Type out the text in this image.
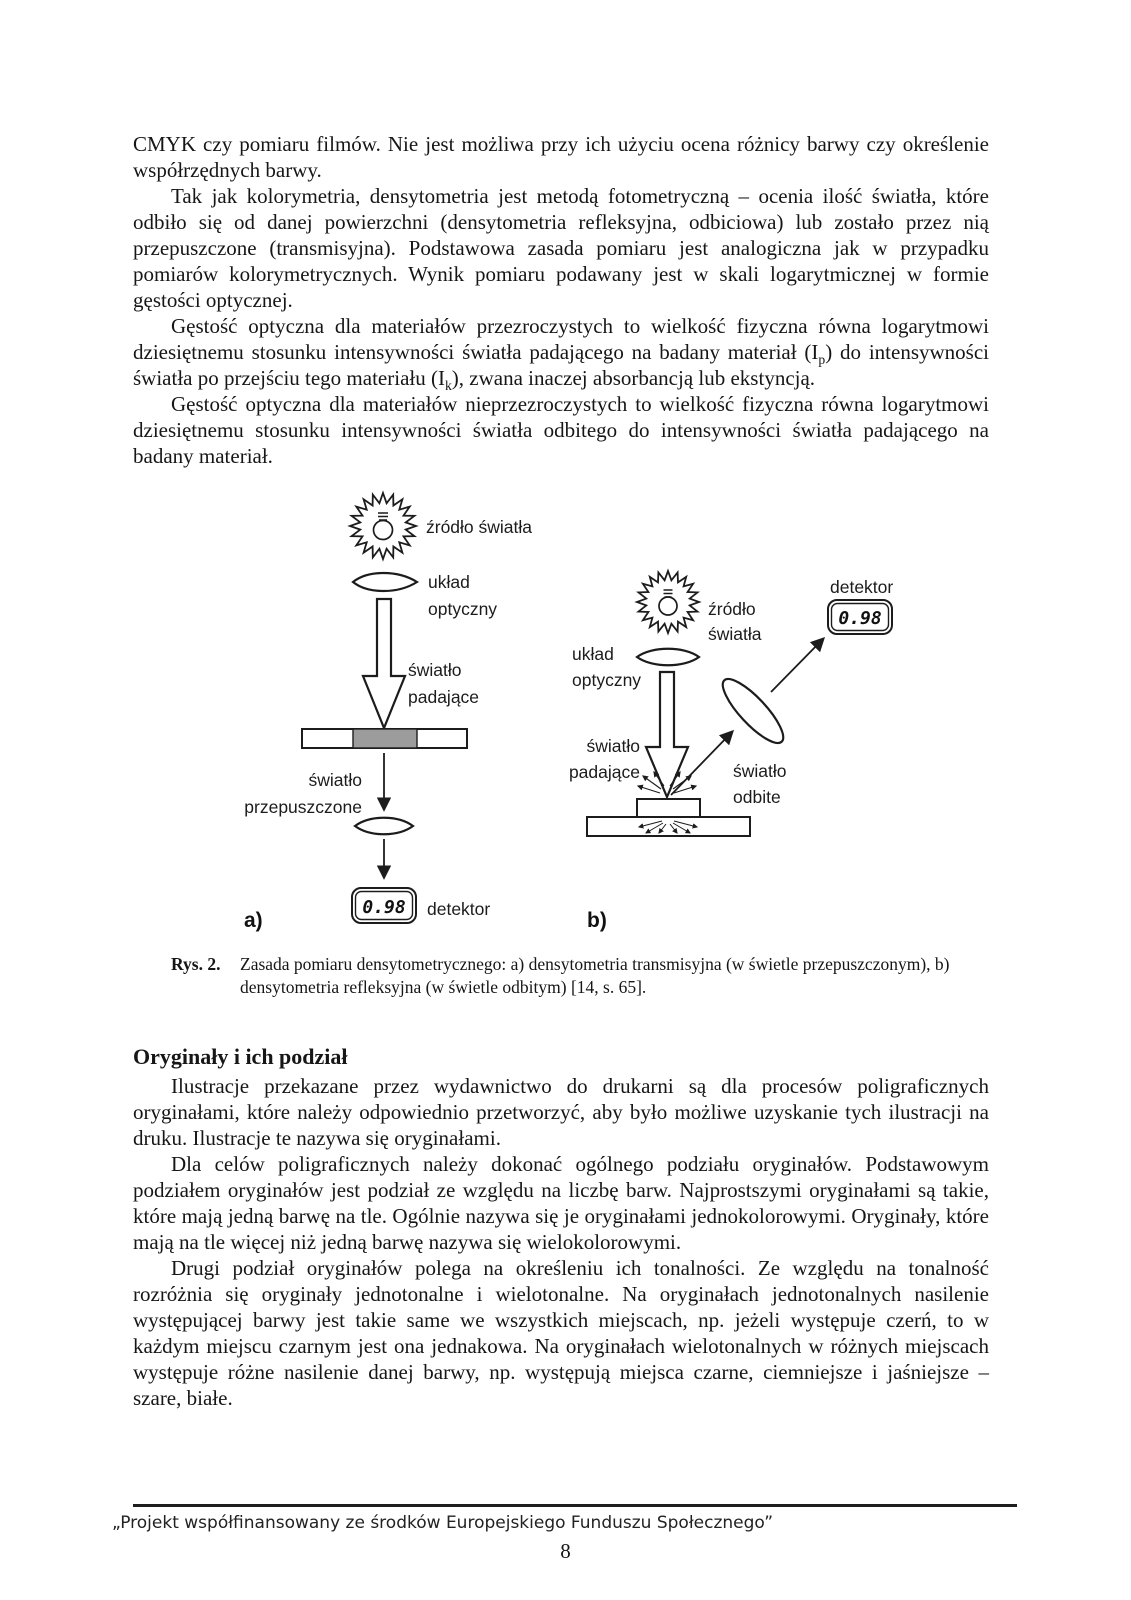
CMYK czy pomiaru filmów. Nie jest możliwa przy ich użyciu ocena różnicy barwy czy określenie współrzędnych barwy.

Tak jak kolorymetria, densytometria jest metodą fotometryczną – ocenia ilość światła, które odbiło się od danej powierzchni (densytometria refleksyjna, odbiciowa) lub zostało przez nią przepuszczone (transmisyjna). Podstawowa zasada pomiaru jest analogiczna jak w przypadku pomiarów kolorymetrycznych. Wynik pomiaru podawany jest w skali logarytmicznej w formie gęstości optycznej.

Gęstość optyczna dla materiałów przezroczystych to wielkość fizyczna równa logarytmowi dziesiętnemu stosunku intensywności światła padającego na badany materiał $(I_p)$ do intensywności światła po przejściu tego materiału $(I_k)$, zwana inaczej absorbancją lub ekstyncją.

Gęstość optyczna dla materiałów nieprzezroczystych to wielkość fizyczna równa logarytmowi dziesiętnemu stosunku intensywności światła odbitego do intensywności światła padającego na badany materiał.

źródło światła
układ
optyczny
światło
padające
światło
przepuszczone
0.98 detektor
a)
źródło
światła
układ
optyczny
światło
padające	światło
odbite
detektor
0.98
b)
Rys. 2.	Zasada pomiaru densytometrycznego: a) densytometria transmisyjna (w świetle przepuszczonym), b) densytometria refleksyjna (w świetle odbitym) [14, s. 65].
Oryginały i ich podział

Ilustracje przekazane przez wydawnictwo do drukarni są dla procesów poligraficznych oryginałami, które należy odpowiednio przetworzyć, aby było możliwe uzyskanie tych ilustracji na druku. Ilustracje te nazywa się oryginałami.

Dla celów poligraficznych należy dokonać ogólnego podziału oryginałów. Podstawowym podziałem oryginałów jest podział ze względu na liczbę barw. Najprostszymi oryginałami są takie, które mają jedną barwę na tle. Ogólnie nazywa się je oryginałami jednokolorowymi. Oryginały, które mają na tle więcej niż jedną barwę nazywa się wielokolorowymi.

Drugi podział oryginałów polega na określeniu ich tonalności. Ze względu na tonalność rozróżnia się oryginały jednotonalne i wielotonalne. Na oryginałach jednotonalnych nasilenie występującej barwy jest takie same we wszystkich miejscach, np. jeżeli występuje czerń, to w każdym miejscu czarnym jest ona jednakowa. Na oryginałach wielotonalnych w różnych miejscach występuje różne nasilenie danej barwy, np. występują miejsca czarne, ciemniejsze i jaśniejsze – szare, białe.

„Projekt współfinansowany ze środków Europejskiego Funduszu Społecznego”
8
